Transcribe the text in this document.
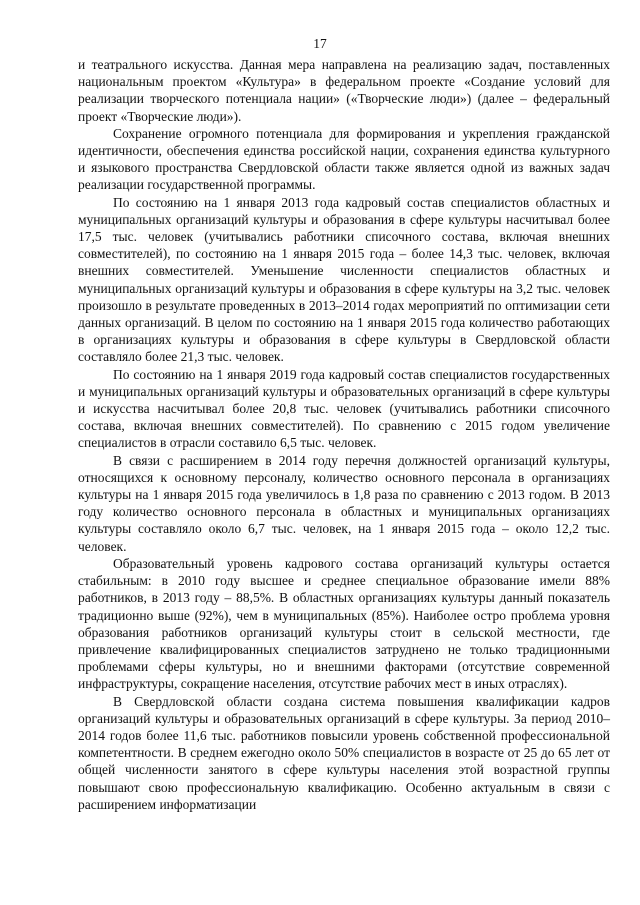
17

и театрального искусства. Данная мера направлена на реализацию задач, поставленных национальным проектом «Культура» в федеральном проекте «Создание условий для реализации творческого потенциала нации» («Творческие люди») (далее – федеральный проект «Творческие люди»).

Сохранение огромного потенциала для формирования и укрепления гражданской идентичности, обеспечения единства российской нации, сохранения единства культурного и языкового пространства Свердловской области также является одной из важных задач реализации государственной программы.

По состоянию на 1 января 2013 года кадровый состав специалистов областных и муниципальных организаций культуры и образования в сфере культуры насчитывал более 17,5 тыс. человек (учитывались работники списочного состава, включая внешних совместителей), по состоянию на 1 января 2015 года – более 14,3 тыс. человек, включая внешних совместителей. Уменьшение численности специалистов областных и муниципальных организаций культуры и образования в сфере культуры на 3,2 тыс. человек произошло в результате проведенных в 2013–2014 годах мероприятий по оптимизации сети данных организаций. В целом по состоянию на 1 января 2015 года количество работающих в организациях культуры и образования в сфере культуры в Свердловской области составляло более 21,3 тыс. человек.

По состоянию на 1 января 2019 года кадровый состав специалистов государственных и муниципальных организаций культуры и образовательных организаций в сфере культуры и искусства насчитывал более 20,8 тыс. человек (учитывались работники списочного состава, включая внешних совместителей). По сравнению с 2015 годом увеличение специалистов в отрасли составило 6,5 тыс. человек.

В связи с расширением в 2014 году перечня должностей организаций культуры, относящихся к основному персоналу, количество основного персонала в организациях культуры на 1 января 2015 года увеличилось в 1,8 раза по сравнению с 2013 годом. В 2013 году количество основного персонала в областных и муниципальных организациях культуры составляло около 6,7 тыс. человек, на 1 января 2015 года – около 12,2 тыс. человек.

Образовательный уровень кадрового состава организаций культуры остается стабильным: в 2010 году высшее и среднее специальное образование имели 88% работников, в 2013 году – 88,5%. В областных организациях культуры данный показатель традиционно выше (92%), чем в муниципальных (85%). Наиболее остро проблема уровня образования работников организаций культуры стоит в сельской местности, где привлечение квалифицированных специалистов затруднено не только традиционными проблемами сферы культуры, но и внешними факторами (отсутствие современной инфраструктуры, сокращение населения, отсутствие рабочих мест в иных отраслях).

В Свердловской области создана система повышения квалификации кадров организаций культуры и образовательных организаций в сфере культуры. За период 2010–2014 годов более 11,6 тыс. работников повысили уровень собственной профессиональной компетентности. В среднем ежегодно около 50% специалистов в возрасте от 25 до 65 лет от общей численности занятого в сфере культуры населения этой возрастной группы повышают свою профессиональную квалификацию. Особенно актуальным в связи с расширением информатизации
